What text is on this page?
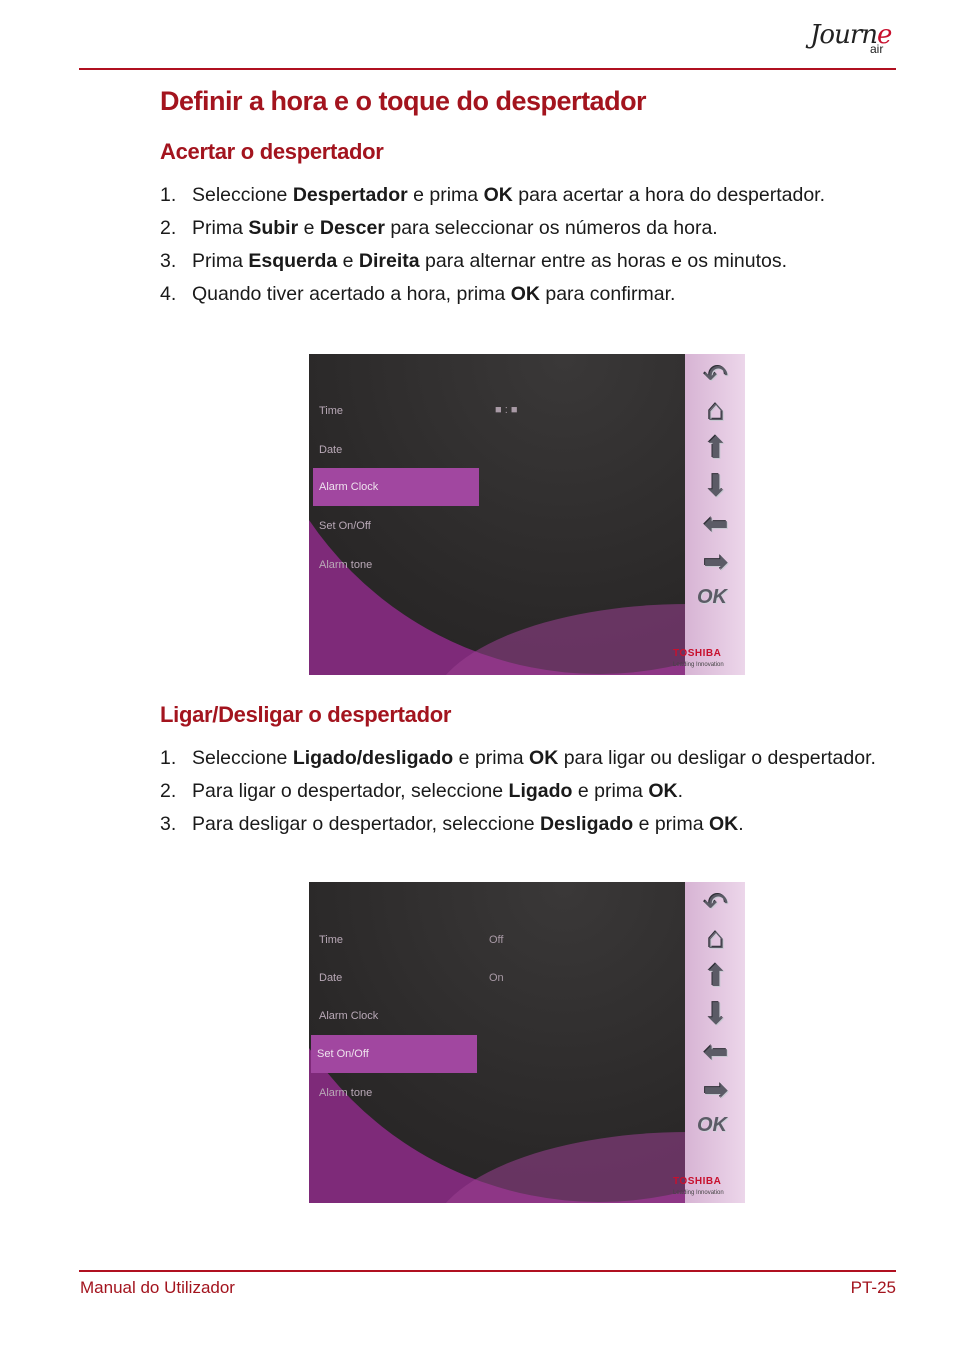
Journe
air
Definir a hora e o toque do despertador
Acertar o despertador
1. Seleccione Despertador e prima OK para acertar a hora do despertador.
2. Prima Subir e Descer para seleccionar os números da hora.
3. Prima Esquerda e Direita para alternar entre as horas e os minutos.
4. Quando tiver acertado a hora, prima OK para confirmar.
Time	■ : ■
Date
Alarm Clock
Set On/Off
Alarm tone
↶
⌂
⬆
⬇
⬅
➡
OK
TOSHIBA
Leading Innovation
Ligar/Desligar o despertador
1. Seleccione Ligado/desligado e prima OK para ligar ou desligar o despertador.
2. Para ligar o despertador, seleccione Ligado e prima OK.
3. Para desligar o despertador, seleccione Desligado e prima OK.
Time	Off
Date	On
Alarm Clock
Set On/Off
Alarm tone
↶
⌂
⬆
⬇
⬅
➡
OK
TOSHIBA
Leading Innovation
Manual do Utilizador	PT-25
